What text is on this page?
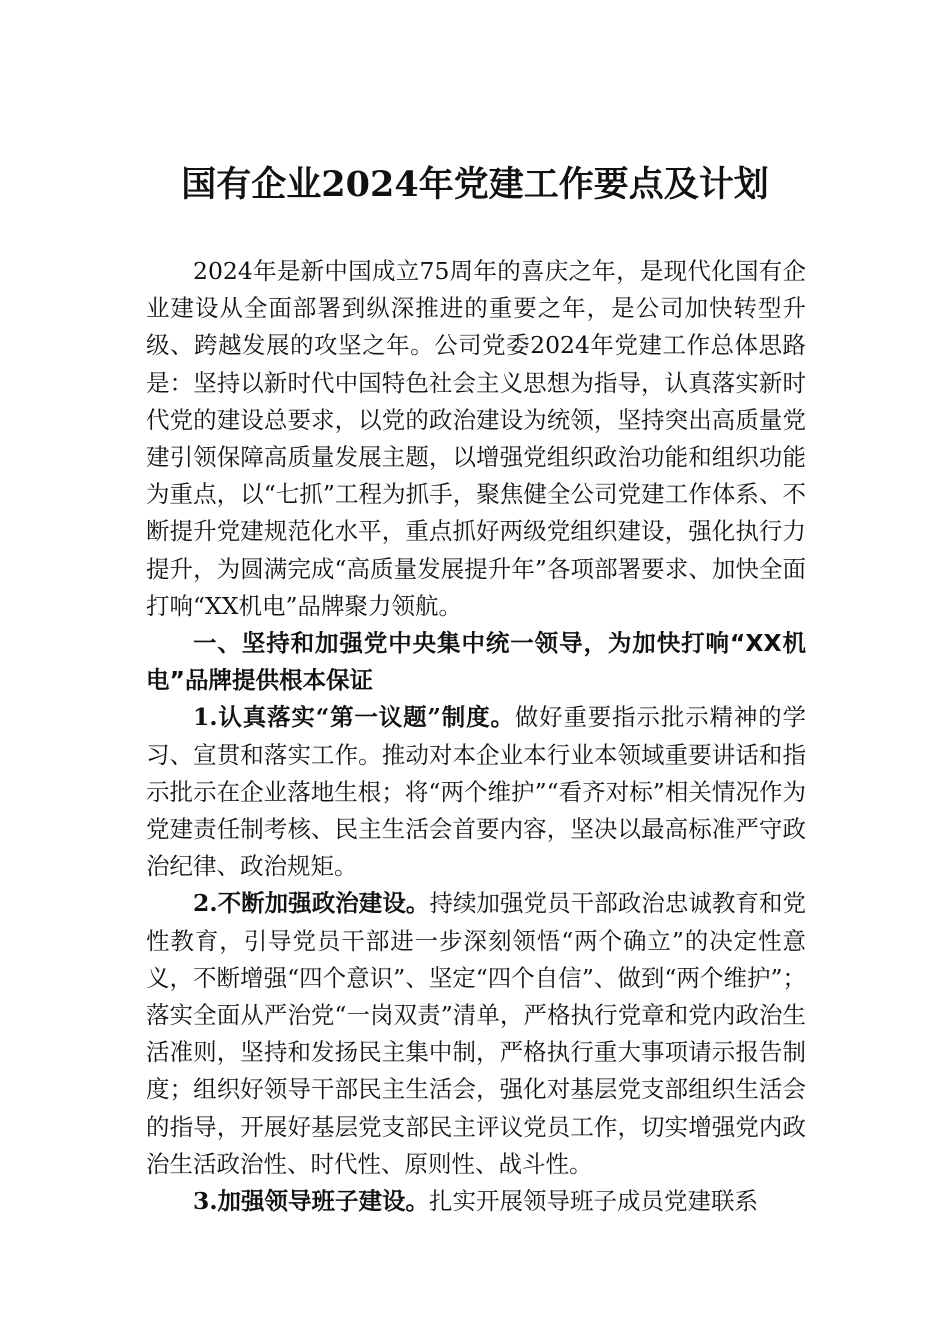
国有企业2024年党建工作要点及计划

2024年是新中国成立75周年的喜庆之年，是现代化国有企业建设从全面部署到纵深推进的重要之年，是公司加快转型升级、跨越发展的攻坚之年。公司党委2024年党建工作总体思路是：坚持以新时代中国特色社会主义思想为指导，认真落实新时代党的建设总要求，以党的政治建设为统领，坚持突出高质量党建引领保障高质量发展主题，以增强党组织政治功能和组织功能为重点，以“七抓”工程为抓手，聚焦健全公司党建工作体系、不断提升党建规范化水平，重点抓好两级党组织建设，强化执行力提升，为圆满完成“高质量发展提升年”各项部署要求、加快全面打响“XX机电”品牌聚力领航。

一、坚持和加强党中央集中统一领导，为加快打响“XX机电”品牌提供根本保证

1.认真落实“第一议题”制度。做好重要指示批示精神的学习、宣贯和落实工作。推动对本企业本行业本领域重要讲话和指示批示在企业落地生根；将“两个维护”“看齐对标”相关情况作为党建责任制考核、民主生活会首要内容，坚决以最高标准严守政治纪律、政治规矩。

2.不断加强政治建设。持续加强党员干部政治忠诚教育和党性教育，引导党员干部进一步深刻领悟“两个确立”的决定性意义，不断增强“四个意识”、坚定“四个自信”、做到“两个维护”；落实全面从严治党“一岗双责”清单，严格执行党章和党内政治生活准则，坚持和发扬民主集中制，严格执行重大事项请示报告制度；组织好领导干部民主生活会，强化对基层党支部组织生活会的指导，开展好基层党支部民主评议党员工作，切实增强党内政治生活政治性、时代性、原则性、战斗性。

3.加强领导班子建设。扎实开展领导班子成员党建联系
